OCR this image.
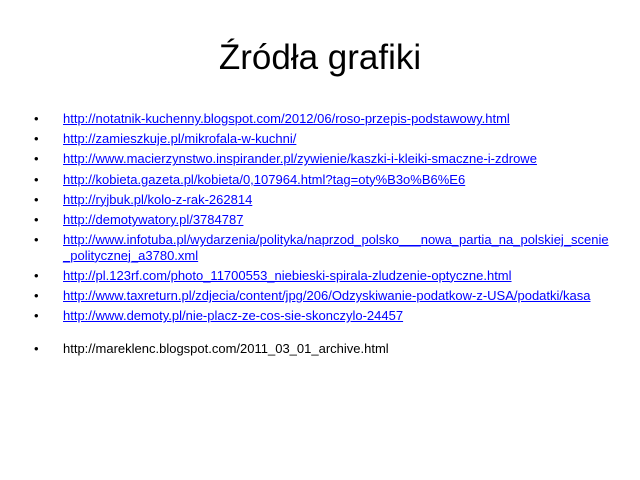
Źródła grafiki
•	http://notatnik-kuchenny.blogspot.com/2012/06/roso-przepis-podstawowy.html
•	http://zamieszkuje.pl/mikrofala-w-kuchni/
•	http://www.macierzynstwo.inspirander.pl/zywienie/kaszki-i-kleiki-smaczne-i-zdrowe
•	http://kobieta.gazeta.pl/kobieta/0,107964.html?tag=oty%B3o%B6%E6
•	http://ryjbuk.pl/kolo-z-rak-262814
•	http://demotywatory.pl/3784787
•	http://www.infotuba.pl/wydarzenia/polityka/naprzod_polsko___nowa_partia_na_polskiej_scenie_politycznej_a3780.xml
•	http://pl.123rf.com/photo_11700553_niebieski-spirala-zludzenie-optyczne.html
•	http://www.taxreturn.pl/zdjecia/content/jpg/206/Odzyskiwanie-podatkow-z-USA/podatki/kasa
•	http://www.demoty.pl/nie-placz-ze-cos-sie-skonczylo-24457
•	http://mareklenc.blogspot.com/2011_03_01_archive.html
